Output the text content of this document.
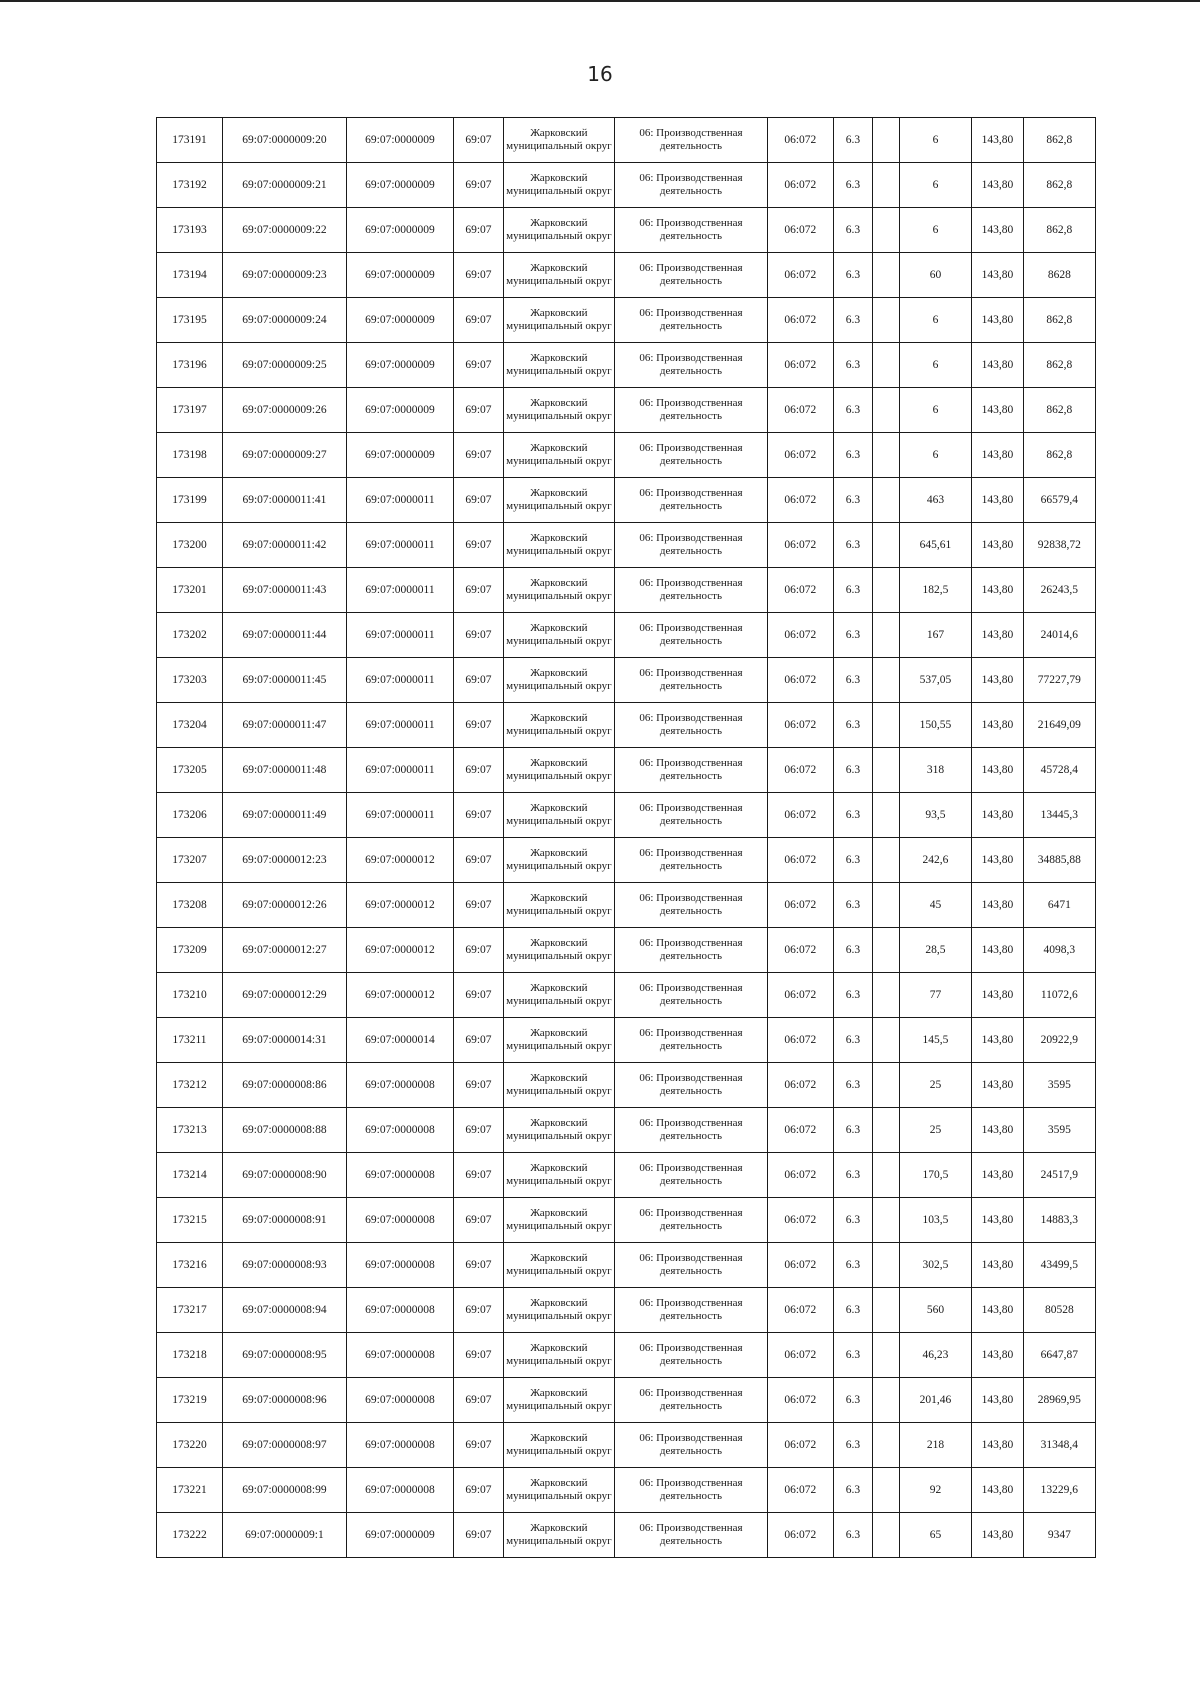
16
173191	69:07:0000009:20	69:07:0000009	69:07	Жарковский муниципальный округ	06: Производственная деятельность	06:072	6.3		6	143,80	862,8
173192	69:07:0000009:21	69:07:0000009	69:07	Жарковский муниципальный округ	06: Производственная деятельность	06:072	6.3		6	143,80	862,8
173193	69:07:0000009:22	69:07:0000009	69:07	Жарковский муниципальный округ	06: Производственная деятельность	06:072	6.3		6	143,80	862,8
173194	69:07:0000009:23	69:07:0000009	69:07	Жарковский муниципальный округ	06: Производственная деятельность	06:072	6.3		60	143,80	8628
173195	69:07:0000009:24	69:07:0000009	69:07	Жарковский муниципальный округ	06: Производственная деятельность	06:072	6.3		6	143,80	862,8
173196	69:07:0000009:25	69:07:0000009	69:07	Жарковский муниципальный округ	06: Производственная деятельность	06:072	6.3		6	143,80	862,8
173197	69:07:0000009:26	69:07:0000009	69:07	Жарковский муниципальный округ	06: Производственная деятельность	06:072	6.3		6	143,80	862,8
173198	69:07:0000009:27	69:07:0000009	69:07	Жарковский муниципальный округ	06: Производственная деятельность	06:072	6.3		6	143,80	862,8
173199	69:07:0000011:41	69:07:0000011	69:07	Жарковский муниципальный округ	06: Производственная деятельность	06:072	6.3		463	143,80	66579,4
173200	69:07:0000011:42	69:07:0000011	69:07	Жарковский муниципальный округ	06: Производственная деятельность	06:072	6.3		645,61	143,80	92838,72
173201	69:07:0000011:43	69:07:0000011	69:07	Жарковский муниципальный округ	06: Производственная деятельность	06:072	6.3		182,5	143,80	26243,5
173202	69:07:0000011:44	69:07:0000011	69:07	Жарковский муниципальный округ	06: Производственная деятельность	06:072	6.3		167	143,80	24014,6
173203	69:07:0000011:45	69:07:0000011	69:07	Жарковский муниципальный округ	06: Производственная деятельность	06:072	6.3		537,05	143,80	77227,79
173204	69:07:0000011:47	69:07:0000011	69:07	Жарковский муниципальный округ	06: Производственная деятельность	06:072	6.3		150,55	143,80	21649,09
173205	69:07:0000011:48	69:07:0000011	69:07	Жарковский муниципальный округ	06: Производственная деятельность	06:072	6.3		318	143,80	45728,4
173206	69:07:0000011:49	69:07:0000011	69:07	Жарковский муниципальный округ	06: Производственная деятельность	06:072	6.3		93,5	143,80	13445,3
173207	69:07:0000012:23	69:07:0000012	69:07	Жарковский муниципальный округ	06: Производственная деятельность	06:072	6.3		242,6	143,80	34885,88
173208	69:07:0000012:26	69:07:0000012	69:07	Жарковский муниципальный округ	06: Производственная деятельность	06:072	6.3		45	143,80	6471
173209	69:07:0000012:27	69:07:0000012	69:07	Жарковский муниципальный округ	06: Производственная деятельность	06:072	6.3		28,5	143,80	4098,3
173210	69:07:0000012:29	69:07:0000012	69:07	Жарковский муниципальный округ	06: Производственная деятельность	06:072	6.3		77	143,80	11072,6
173211	69:07:0000014:31	69:07:0000014	69:07	Жарковский муниципальный округ	06: Производственная деятельность	06:072	6.3		145,5	143,80	20922,9
173212	69:07:0000008:86	69:07:0000008	69:07	Жарковский муниципальный округ	06: Производственная деятельность	06:072	6.3		25	143,80	3595
173213	69:07:0000008:88	69:07:0000008	69:07	Жарковский муниципальный округ	06: Производственная деятельность	06:072	6.3		25	143,80	3595
173214	69:07:0000008:90	69:07:0000008	69:07	Жарковский муниципальный округ	06: Производственная деятельность	06:072	6.3		170,5	143,80	24517,9
173215	69:07:0000008:91	69:07:0000008	69:07	Жарковский муниципальный округ	06: Производственная деятельность	06:072	6.3		103,5	143,80	14883,3
173216	69:07:0000008:93	69:07:0000008	69:07	Жарковский муниципальный округ	06: Производственная деятельность	06:072	6.3		302,5	143,80	43499,5
173217	69:07:0000008:94	69:07:0000008	69:07	Жарковский муниципальный округ	06: Производственная деятельность	06:072	6.3		560	143,80	80528
173218	69:07:0000008:95	69:07:0000008	69:07	Жарковский муниципальный округ	06: Производственная деятельность	06:072	6.3		46,23	143,80	6647,87
173219	69:07:0000008:96	69:07:0000008	69:07	Жарковский муниципальный округ	06: Производственная деятельность	06:072	6.3		201,46	143,80	28969,95
173220	69:07:0000008:97	69:07:0000008	69:07	Жарковский муниципальный округ	06: Производственная деятельность	06:072	6.3		218	143,80	31348,4
173221	69:07:0000008:99	69:07:0000008	69:07	Жарковский муниципальный округ	06: Производственная деятельность	06:072	6.3		92	143,80	13229,6
173222	69:07:0000009:1	69:07:0000009	69:07	Жарковский муниципальный округ	06: Производственная деятельность	06:072	6.3		65	143,80	9347
